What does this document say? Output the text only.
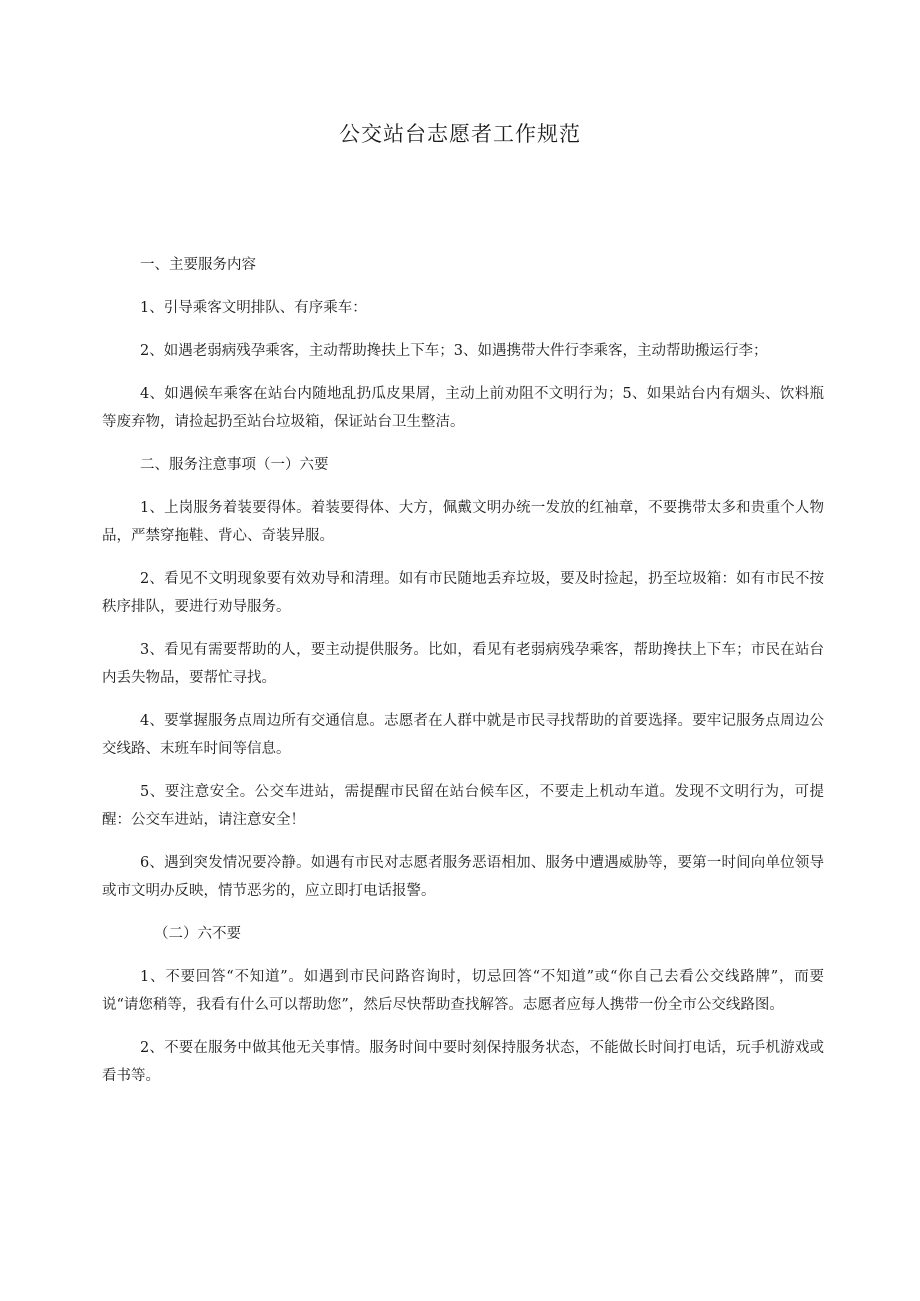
公交站台志愿者工作规范

一、主要服务内容

1、引导乘客文明排队、有序乘车：

2、如遇老弱病残孕乘客，主动帮助搀扶上下车；3、如遇携带大件行李乘客，主动帮助搬运行李；

4、如遇候车乘客在站台内随地乱扔瓜皮果屑，主动上前劝阻不文明行为；5、如果站台内有烟头、饮料瓶等废弃物，请捡起扔至站台垃圾箱，保证站台卫生整洁。

二、服务注意事项（一）六要

1、上岗服务着装要得体。着装要得体、大方，佩戴文明办统一发放的红袖章，不要携带太多和贵重个人物品，严禁穿拖鞋、背心、奇装异服。

2、看见不文明现象要有效劝导和清理。如有市民随地丢弃垃圾，要及时捡起，扔至垃圾箱：如有市民不按秩序排队，要进行劝导服务。

3、看见有需要帮助的人，要主动提供服务。比如，看见有老弱病残孕乘客，帮助搀扶上下车；市民在站台内丢失物品，要帮忙寻找。

4、要掌握服务点周边所有交通信息。志愿者在人群中就是市民寻找帮助的首要选择。要牢记服务点周边公交线路、末班车时间等信息。

5、要注意安全。公交车进站，需提醒市民留在站台候车区，不要走上机动车道。发现不文明行为，可提醒：公交车进站，请注意安全！

6、遇到突发情况要冷静。如遇有市民对志愿者服务恶语相加、服务中遭遇威胁等，要第一时间向单位领导或市文明办反映，情节恶劣的，应立即打电话报警。

（二）六不要

1、不要回答“不知道”。如遇到市民问路咨询时，切忌回答“不知道”或“你自己去看公交线路牌”，而要说“请您稍等，我看有什么可以帮助您”，然后尽快帮助查找解答。志愿者应每人携带一份全市公交线路图。

2、不要在服务中做其他无关事情。服务时间中要时刻保持服务状态，不能做长时间打电话，玩手机游戏或看书等。
